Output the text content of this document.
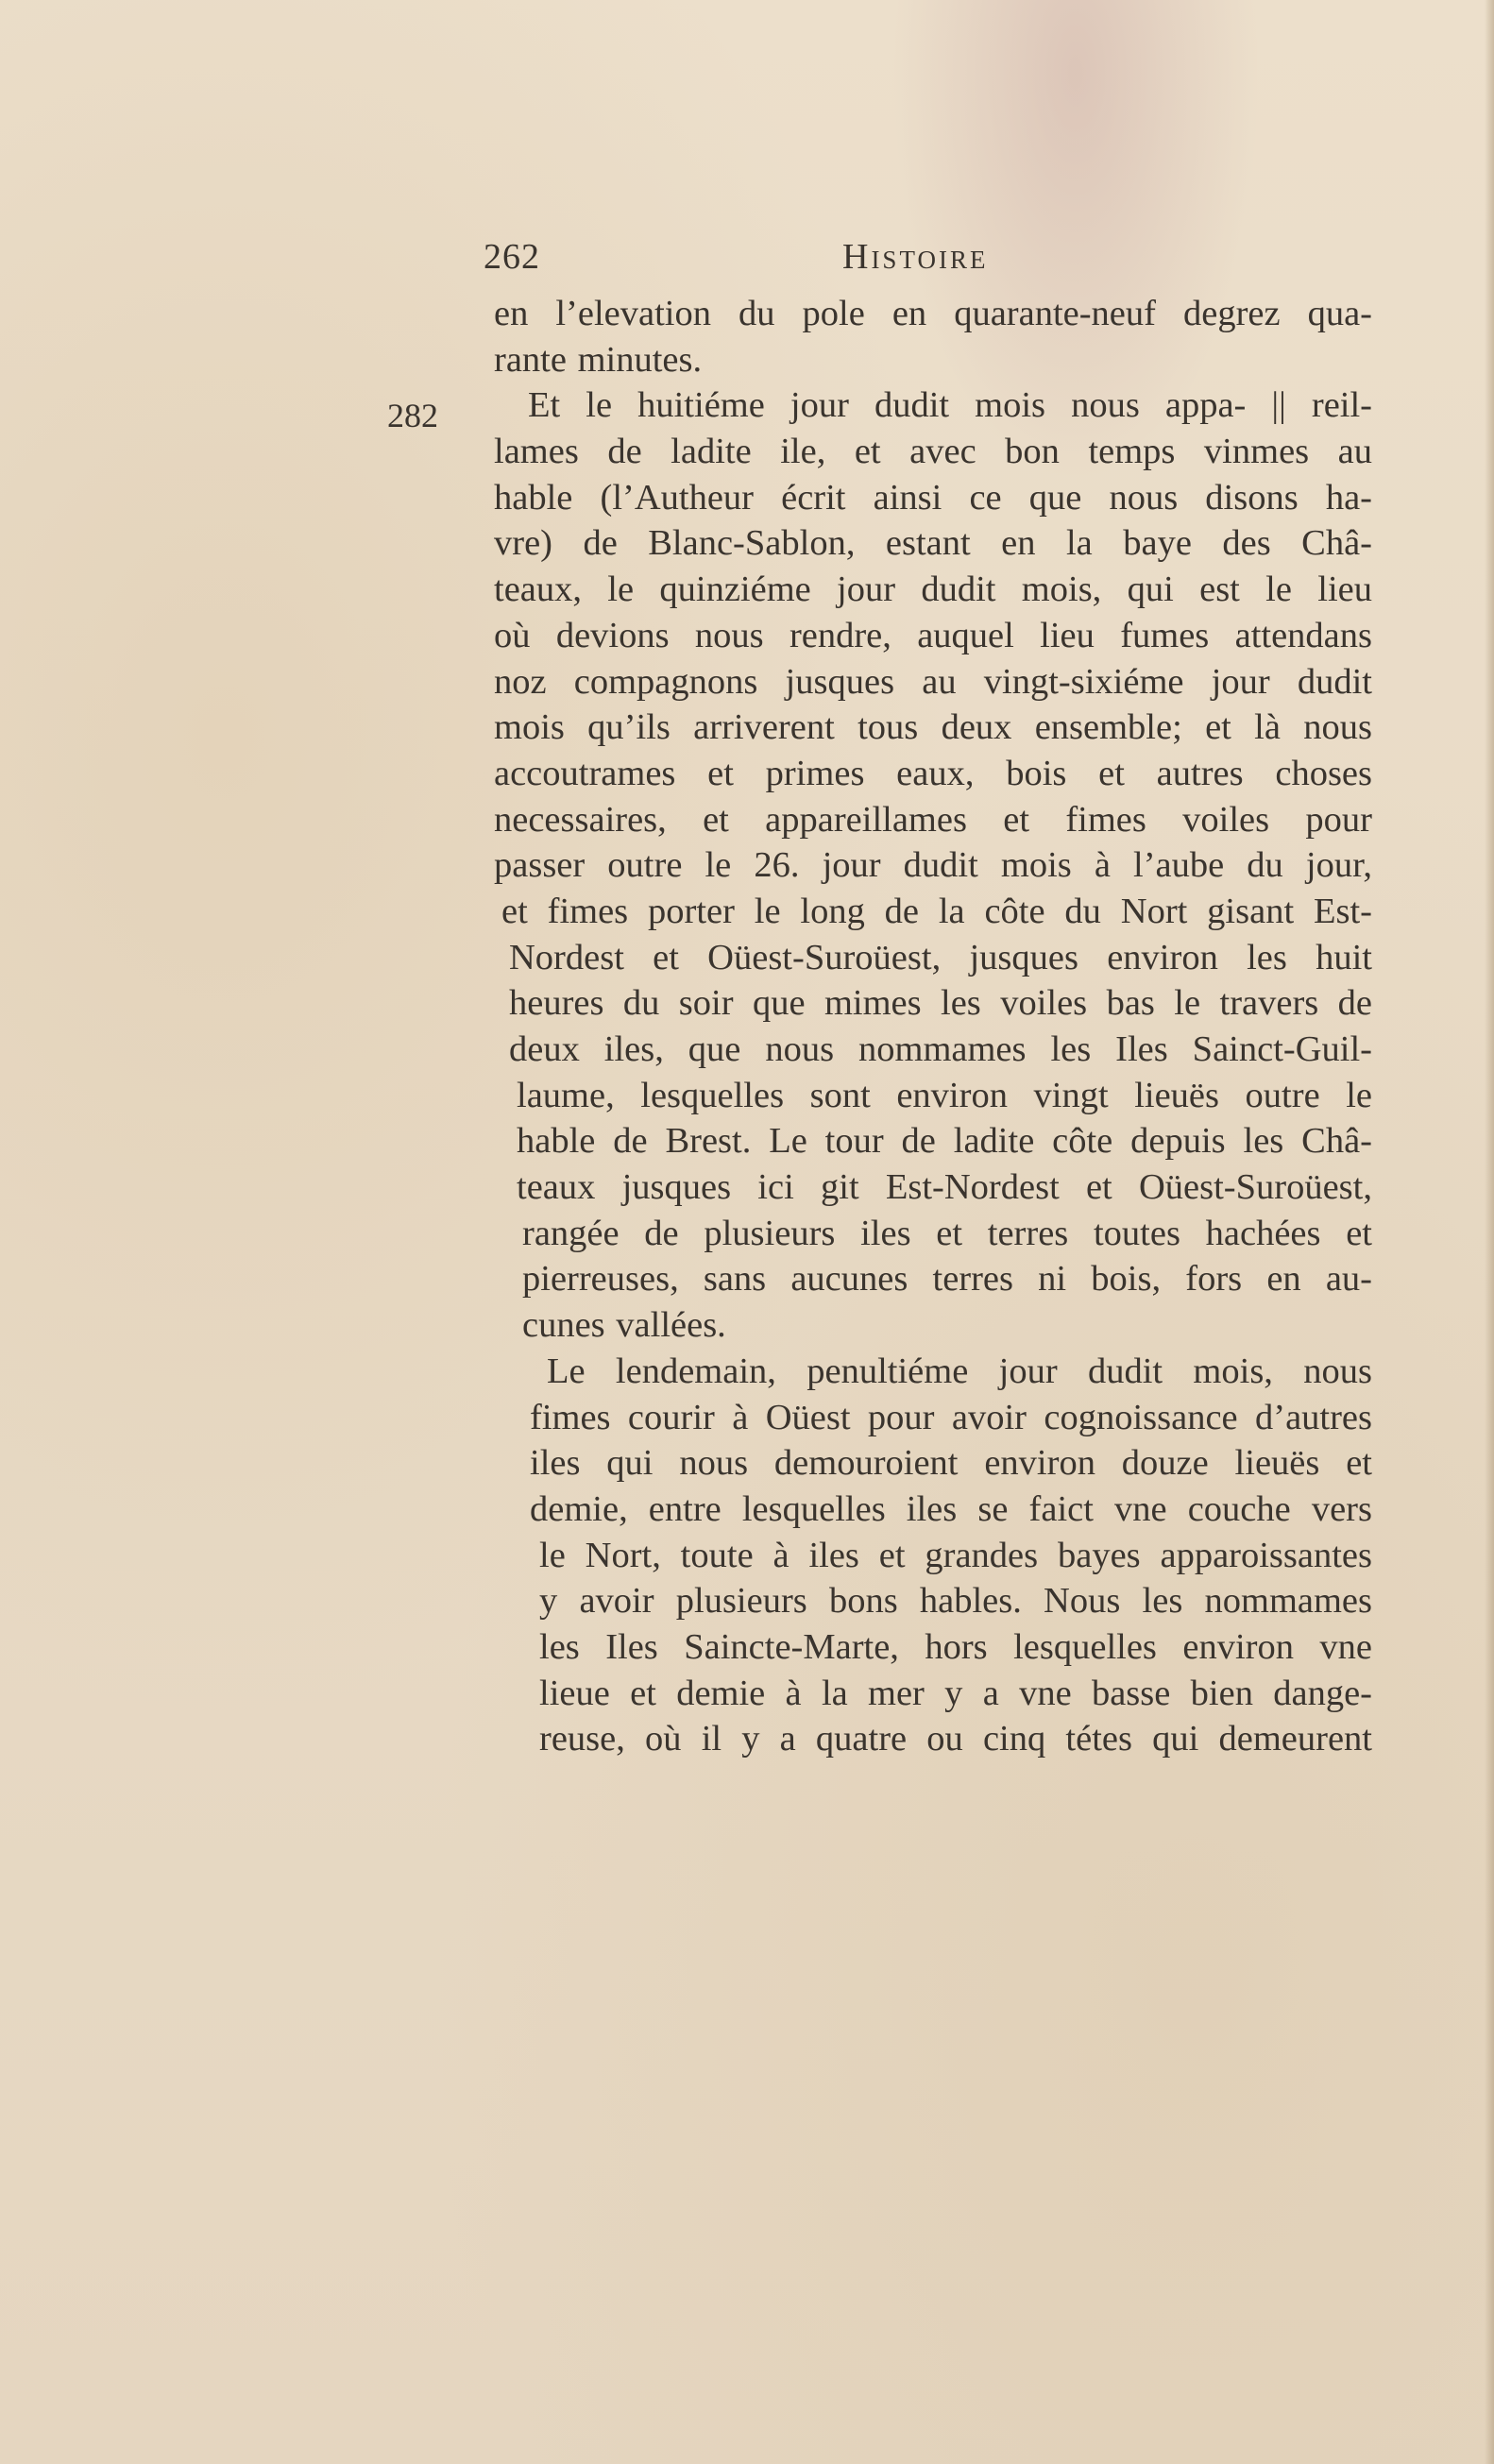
262	Histoire
282
en l’elevation du pole en quarante-neuf degrez qua-
rante minutes.
Et le huitiéme jour dudit mois nous appa- || reil-
lames de ladite ile, et avec bon temps vinmes au
hable (l’Autheur écrit ainsi ce que nous disons ha-
vre) de Blanc-Sablon, estant en la baye des Châ-
teaux, le quinziéme jour dudit mois, qui est le lieu
où devions nous rendre, auquel lieu fumes attendans
noz compagnons jusques au vingt-sixiéme jour dudit
mois qu’ils arriverent tous deux ensemble; et là nous
accoutrames et primes eaux, bois et autres choses
necessaires, et appareillames et fimes voiles pour
passer outre le 26. jour dudit mois à l’aube du jour,
et fimes porter le long de la côte du Nort gisant Est-
Nordest et Oüest-Suroüest, jusques environ les huit
heures du soir que mimes les voiles bas le travers de
deux iles, que nous nommames les Iles Sainct-Guil-
laume, lesquelles sont environ vingt lieuës outre le
hable de Brest. Le tour de ladite côte depuis les Châ-
teaux jusques ici git Est-Nordest et Oüest-Suroüest,
rangée de plusieurs iles et terres toutes hachées et
pierreuses, sans aucunes terres ni bois, fors en au-
cunes vallées.
Le lendemain, penultiéme jour dudit mois, nous
fimes courir à Oüest pour avoir cognoissance d’autres
iles qui nous demouroient environ douze lieuës et
demie, entre lesquelles iles se faict vne couche vers
le Nort, toute à iles et grandes bayes apparoissantes
y avoir plusieurs bons hables. Nous les nommames
les Iles Saincte-Marte, hors lesquelles environ vne
lieue et demie à la mer y a vne basse bien dange-
reuse, où il y a quatre ou cinq tétes qui demeurent
